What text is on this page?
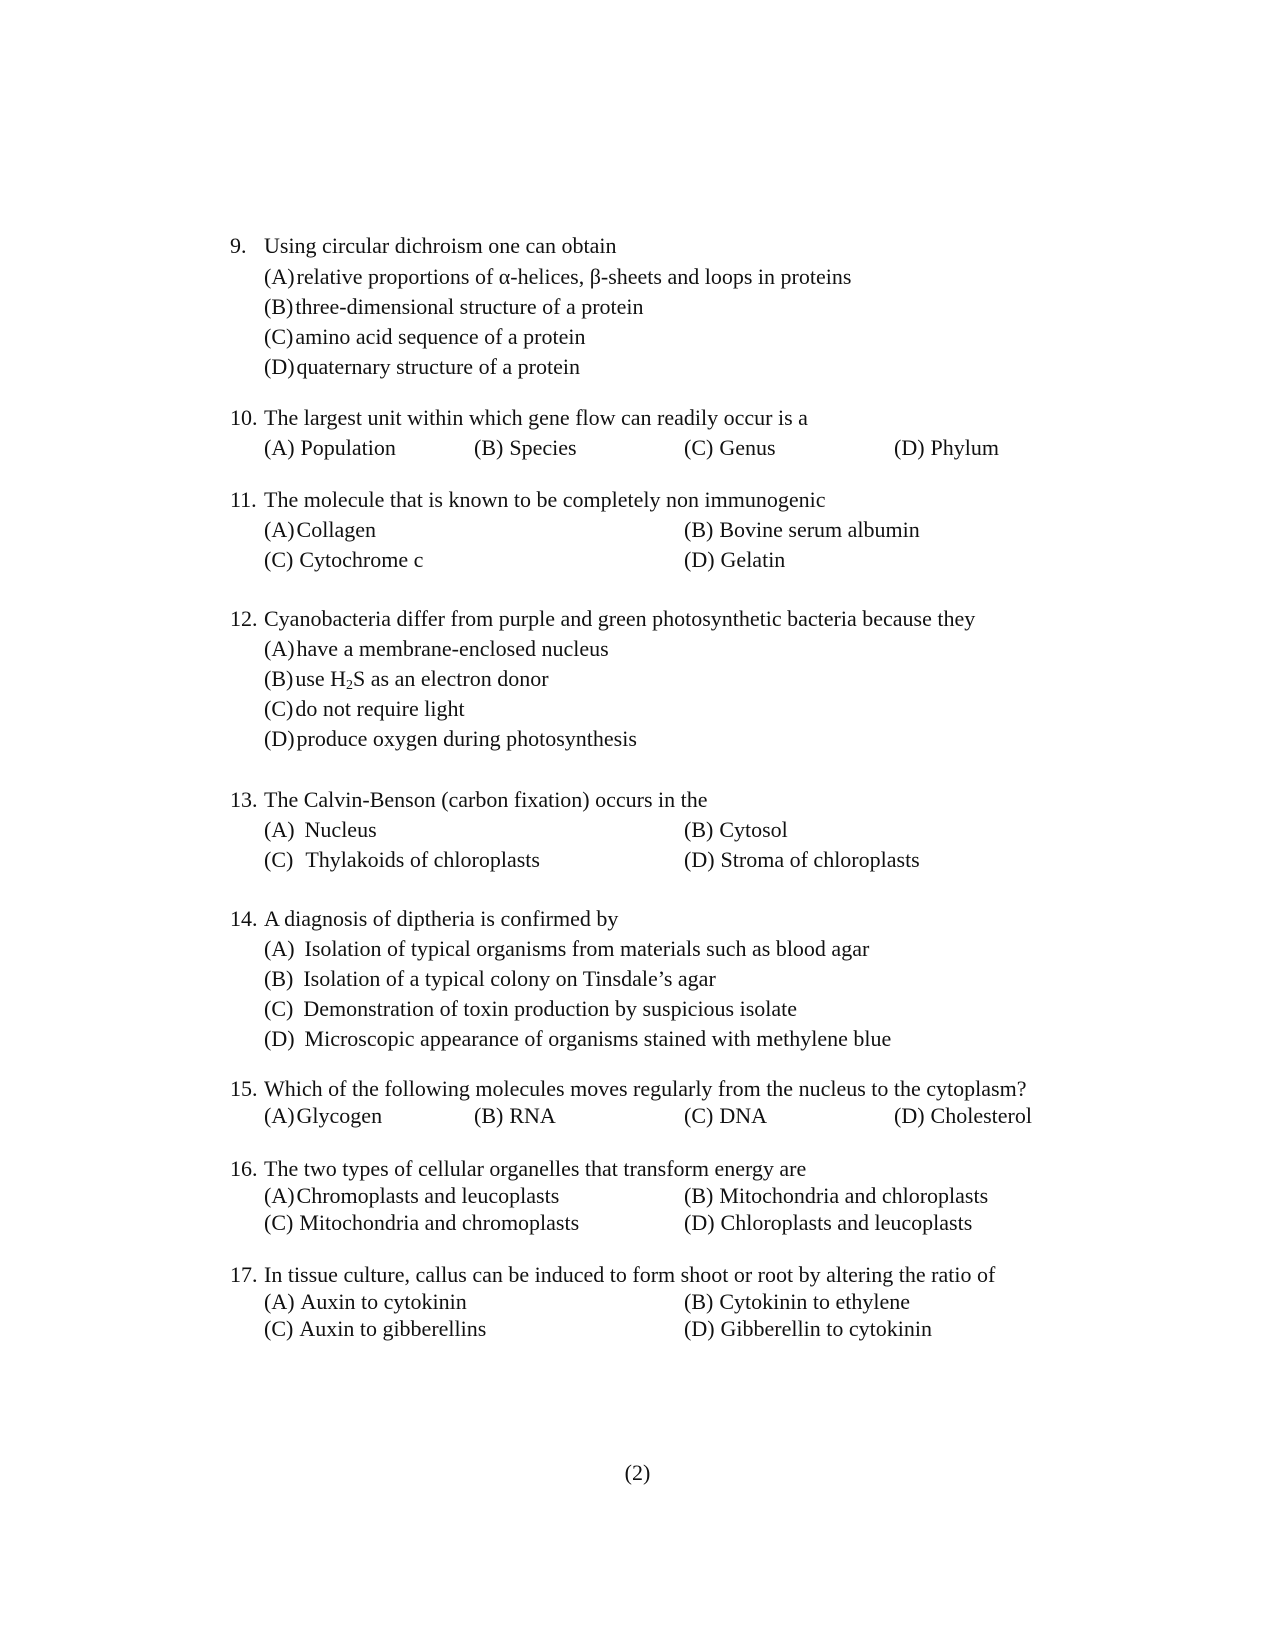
9. Using circular dichroism one can obtain
(A)relative proportions of α-helices, β-sheets and loops in proteins
(B)three-dimensional structure of a protein
(C)amino acid sequence of a protein
(D)quaternary structure of a protein
10. The largest unit within which gene flow can readily occur is a
(A) Population	(B) Species	(C) Genus	(D) Phylum
11. The molecule that is known to be completely non immunogenic
(A)Collagen	(B) Bovine serum albumin
(C) Cytochrome c	(D) Gelatin
12. Cyanobacteria differ from purple and green photosynthetic bacteria because they
(A)have a membrane-enclosed nucleus
(B)use $H_2S$ as an electron donor
(C)do not require light
(D)produce oxygen during photosynthesis
13. The Calvin-Benson (carbon fixation) occurs in the
(A) Nucleus	(B) Cytosol
(C) Thylakoids of chloroplasts	(D) Stroma of chloroplasts
14. A diagnosis of diptheria is confirmed by
(A) Isolation of typical organisms from materials such as blood agar
(B) Isolation of a typical colony on Tinsdale’s agar
(C) Demonstration of toxin production by suspicious isolate
(D) Microscopic appearance of organisms stained with methylene blue
15. Which of the following molecules moves regularly from the nucleus to the cytoplasm?
(A)Glycogen	(B) RNA	(C) DNA	(D) Cholesterol
16. The two types of cellular organelles that transform energy are
(A)Chromoplasts and leucoplasts	(B) Mitochondria and chloroplasts
(C) Mitochondria and chromoplasts	(D) Chloroplasts and leucoplasts
17. In tissue culture, callus can be induced to form shoot or root by altering the ratio of
(A) Auxin to cytokinin	(B) Cytokinin to ethylene
(C) Auxin to gibberellins	(D) Gibberellin to cytokinin
(2)
